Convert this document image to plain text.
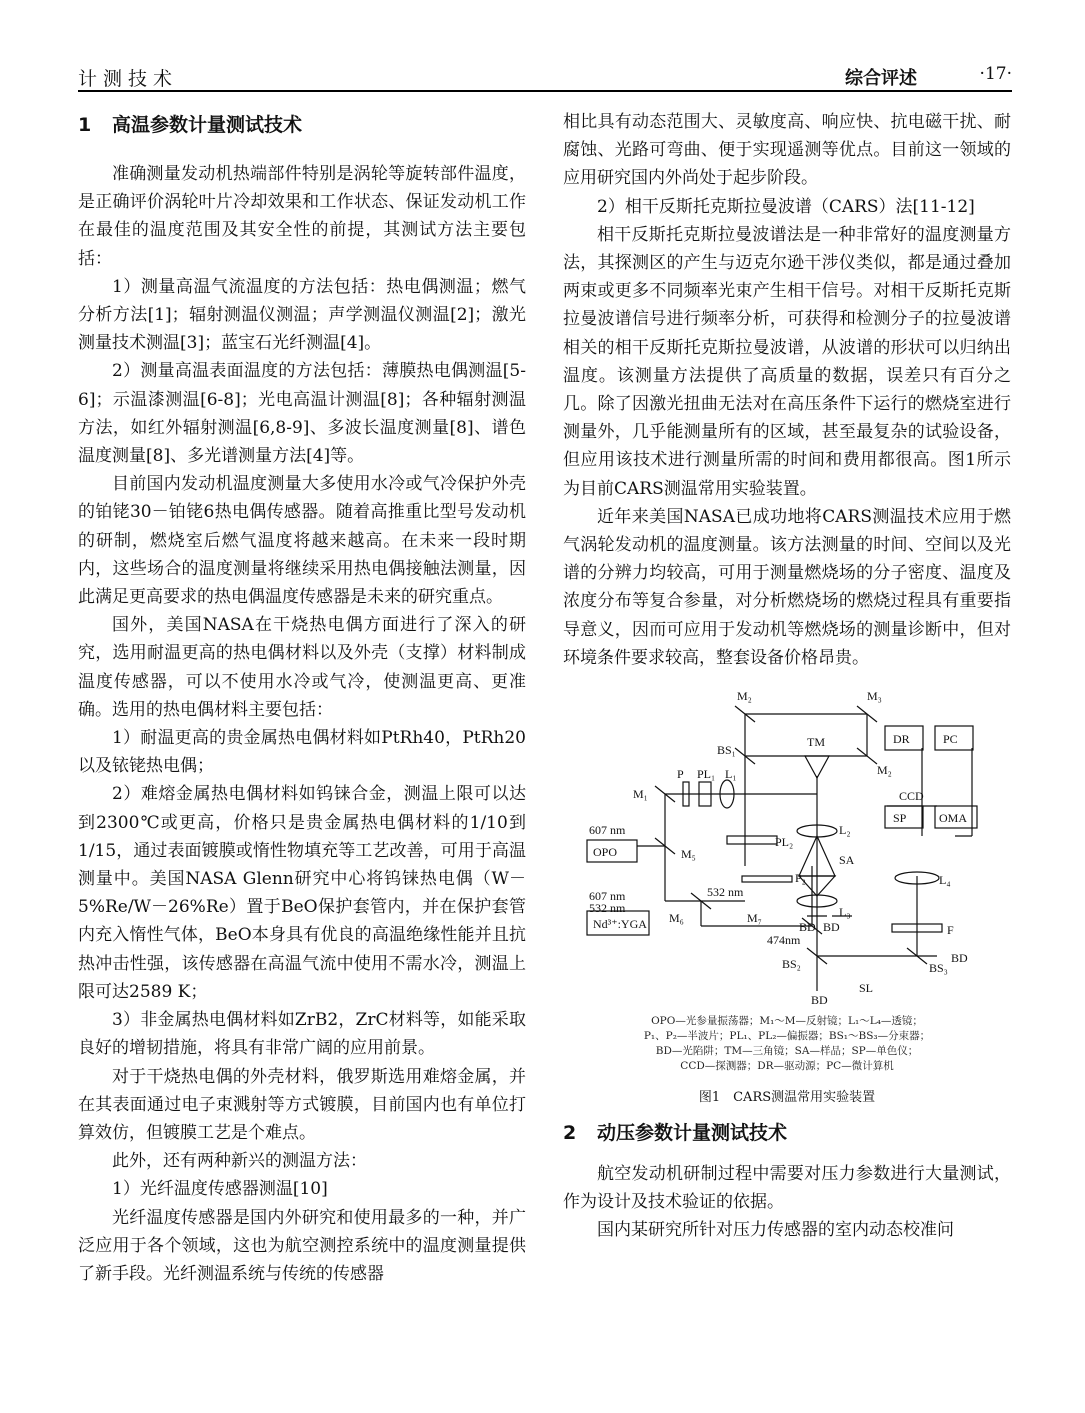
计测技术	综合评述	·17·
1 高温参数计量测试技术

准确测量发动机热端部件特别是涡轮等旋转部件温度，是正确评价涡轮叶片冷却效果和工作状态、保证发动机工作在最佳的温度范围及其安全性的前提，其测试方法主要包括：

1）测量高温气流温度的方法包括：热电偶测温；燃气分析方法[1]；辐射测温仪测温；声学测温仪测温[2]；激光测量技术测温[3]；蓝宝石光纤测温[4]。

2）测量高温表面温度的方法包括：薄膜热电偶测温[5-6]；示温漆测温[6-8]；光电高温计测温[8]；各种辐射测温方法，如红外辐射测温[6,8-9]、多波长温度测量[8]、谱色温度测量[8]、多光谱测量方法[4]等。

目前国内发动机温度测量大多使用水冷或气冷保护外壳的铂铑30－铂铑6热电偶传感器。随着高推重比型号发动机的研制，燃烧室后燃气温度将越来越高。在未来一段时期内，这些场合的温度测量将继续采用热电偶接触法测量，因此满足更高要求的热电偶温度传感器是未来的研究重点。

国外，美国NASA在干烧热电偶方面进行了深入的研究，选用耐温更高的热电偶材料以及外壳（支撑）材料制成温度传感器，可以不使用水冷或气冷，使测温更高、更准确。选用的热电偶材料主要包括：

1）耐温更高的贵金属热电偶材料如PtRh40，PtRh20以及铱铑热电偶；

2）难熔金属热电偶材料如钨铼合金，测温上限可以达到2300℃或更高，价格只是贵金属热电偶材料的1/10到1/15，通过表面镀膜或惰性物填充等工艺改善，可用于高温测量中。美国NASA Glenn研究中心将钨铼热电偶（W－5%Re/W－26%Re）置于BeO保护套管内，并在保护套管内充入惰性气体，BeO本身具有优良的高温绝缘性能并且抗热冲击性强，该传感器在高温气流中使用不需水冷，测温上限可达2589 K；

3）非金属热电偶材料如ZrB2，ZrC材料等，如能采取良好的增韧措施，将具有非常广阔的应用前景。

对于干烧热电偶的外壳材料，俄罗斯选用难熔金属，并在其表面通过电子束溅射等方式镀膜，目前国内也有单位打算效仿，但镀膜工艺是个难点。

此外，还有两种新兴的测温方法：

1）光纤温度传感器测温[10]

光纤温度传感器是国内外研究和使用最多的一种，并广泛应用于各个领域，这也为航空测控系统中的温度测量提供了新手段。光纤测温系统与传统的传感器

相比具有动态范围大、灵敏度高、响应快、抗电磁干扰、耐腐蚀、光路可弯曲、便于实现遥测等优点。目前这一领域的应用研究国内外尚处于起步阶段。

2）相干反斯托克斯拉曼波谱（CARS）法[11-12]

相干反斯托克斯拉曼波谱法是一种非常好的温度测量方法，其探测区的产生与迈克尔逊干涉仪类似，都是通过叠加两束或更多不同频率光束产生相干信号。对相干反斯托克斯拉曼波谱信号进行频率分析，可获得和检测分子的拉曼波谱相关的相干反斯托克斯拉曼波谱，从波谱的形状可以归纳出温度。该测量方法提供了高质量的数据，误差只有百分之几。除了因激光扭曲无法对在高压条件下运行的燃烧室进行测量外，几乎能测量所有的区域，甚至最复杂的试验设备，但应用该技术进行测量所需的时间和费用都很高。图1所示为目前CARS测温常用实验装置。

近年来美国NASA已成功地将CARS测温技术应用于燃气涡轮发动机的温度测量。该方法测量的时间、空间以及光谱的分辨力均较高，可用于测量燃烧场的分子密度、温度及浓度分布等复合参量，对分析燃烧场的燃烧过程具有重要指导意义，因而可应用于发动机等燃烧场的测量诊断中，但对环境条件要求较高，整套设备价格昂贵。

M₂	M₃
BS₁
TM
M₂
P PL₁ L₁
M₁
607 nm	L₂
PL₂
SA
OPO	M₅
P₂
532 nm
607 nm
532 nm	L₃
Nd³⁺:YGA M₆	M₇
BD BD
474nm
F
BS₂	BS₃
BD
BD
SL
DR	PC
CCD
SP	OMA
L₄
OPO—光参量振荡器；M₁～M—反射镜；L₁～L₄—透镜；
P₁、P₂—半波片；PL₁、PL₂—偏振器；BS₁～BS₃—分束器；
BD—光陷阱；TM—三角镜；SA—样品；SP—单色仪；
CCD—探测器；DR—驱动源；PC—微计算机
图1　CARS测温常用实验装置
2 动压参数计量测试技术

航空发动机研制过程中需要对压力参数进行大量测试，作为设计及技术验证的依据。

国内某研究所针对压力传感器的室内动态校准问
